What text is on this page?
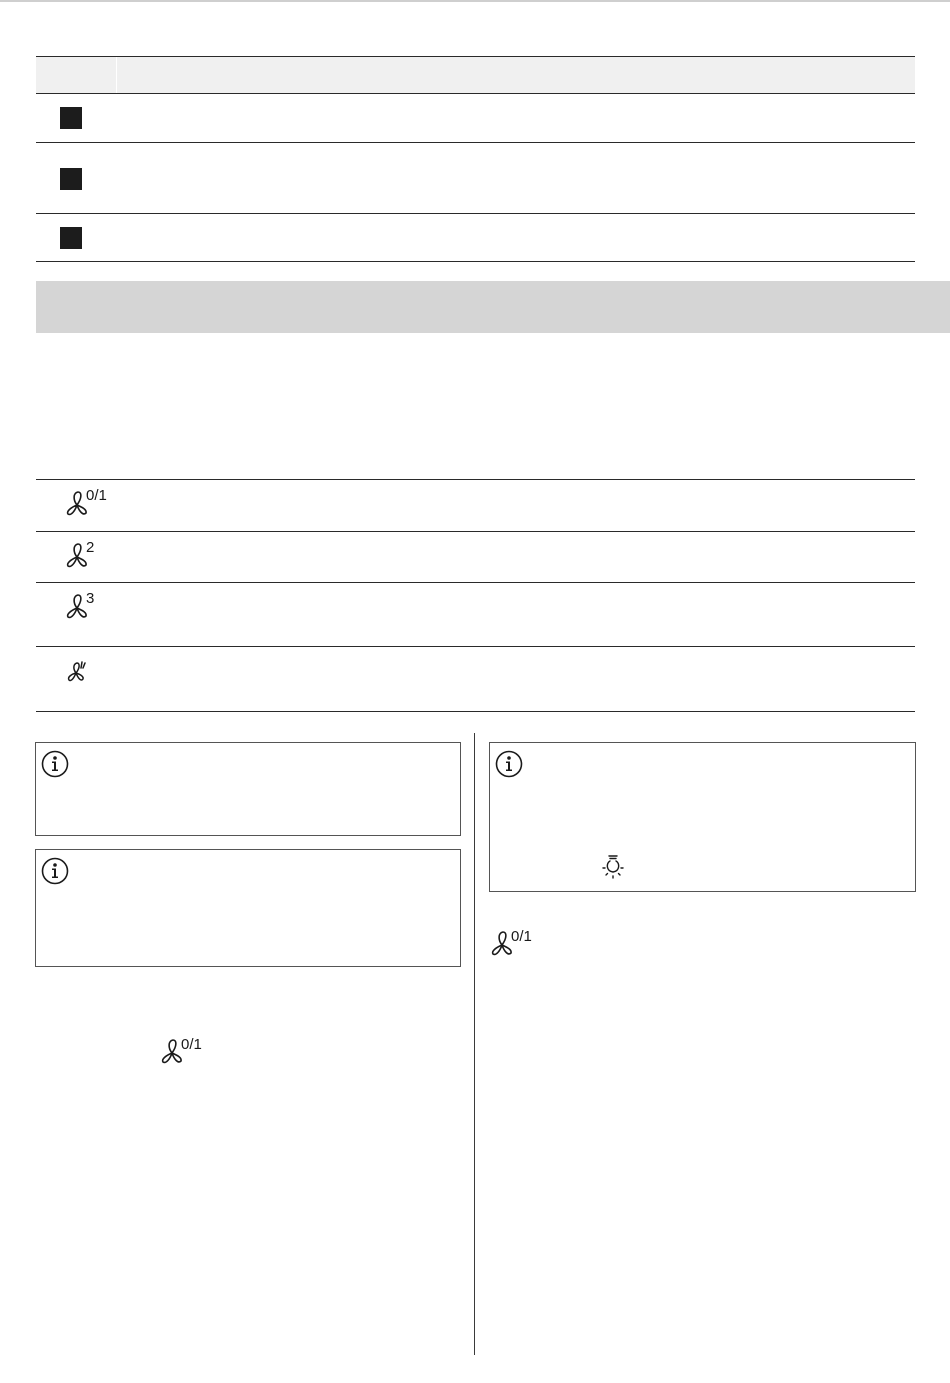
0/1
2
3
0/1
0/1
